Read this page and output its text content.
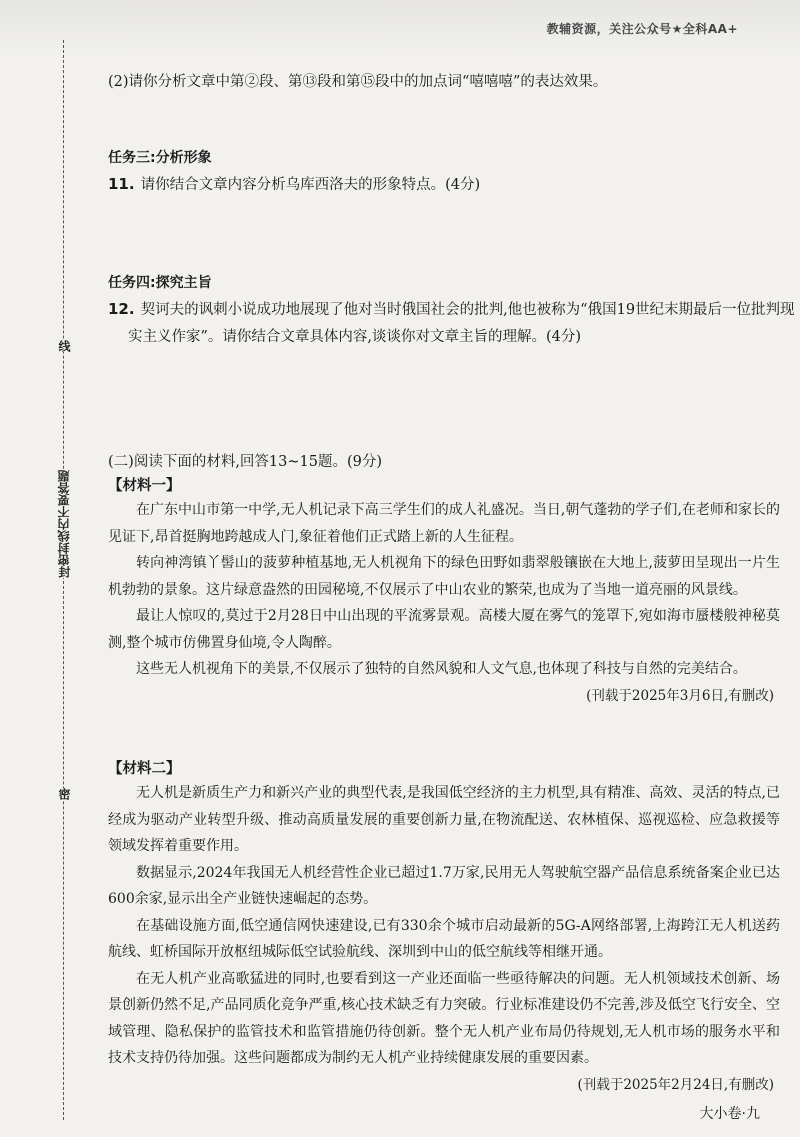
教辅资源，关注公众号★全科AA+
线
密封线内不要答题
封
密
(2)请你分析文章中第②段、第⑬段和第⑮段中的加点词“嘻嘻嘻”的表达效果。
任务三:分析形象
11. 请你结合文章内容分析乌库西洛夫的形象特点。(4分)
任务四:探究主旨
12. 契诃夫的讽刺小说成功地展现了他对当时俄国社会的批判,他也被称为“俄国19世纪末期最后一位批判现实主义作家”。请你结合文章具体内容,谈谈你对文章主旨的理解。(4分)
(二)阅读下面的材料,回答13~15题。(9分)
【材料一】

在广东中山市第一中学,无人机记录下高三学生们的成人礼盛况。当日,朝气蓬勃的学子们,在老师和家长的见证下,昂首挺胸地跨越成人门,象征着他们正式踏上新的人生征程。

转向神湾镇丫髻山的菠萝种植基地,无人机视角下的绿色田野如翡翠般镶嵌在大地上,菠萝田呈现出一片生机勃勃的景象。这片绿意盎然的田园秘境,不仅展示了中山农业的繁荣,也成为了当地一道亮丽的风景线。

最让人惊叹的,莫过于2月28日中山出现的平流雾景观。高楼大厦在雾气的笼罩下,宛如海市蜃楼般神秘莫测,整个城市仿佛置身仙境,令人陶醉。

这些无人机视角下的美景,不仅展示了独特的自然风貌和人文气息,也体现了科技与自然的完美结合。

(刊载于2025年3月6日,有删改)
【材料二】

无人机是新质生产力和新兴产业的典型代表,是我国低空经济的主力机型,具有精准、高效、灵活的特点,已经成为驱动产业转型升级、推动高质量发展的重要创新力量,在物流配送、农林植保、巡视巡检、应急救援等领域发挥着重要作用。

数据显示,2024年我国无人机经营性企业已超过1.7万家,民用无人驾驶航空器产品信息系统备案企业已达600余家,显示出全产业链快速崛起的态势。

在基础设施方面,低空通信网快速建设,已有330余个城市启动最新的5G-A网络部署,上海跨江无人机送药航线、虹桥国际开放枢纽城际低空试验航线、深圳到中山的低空航线等相继开通。

在无人机产业高歌猛进的同时,也要看到这一产业还面临一些亟待解决的问题。无人机领域技术创新、场景创新仍然不足,产品同质化竞争严重,核心技术缺乏有力突破。行业标准建设仍不完善,涉及低空飞行安全、空域管理、隐私保护的监管技术和监管措施仍待创新。整个无人机产业布局仍待规划,无人机市场的服务水平和技术支持仍待加强。这些问题都成为制约无人机产业持续健康发展的重要因素。

(刊载于2025年2月24日,有删改)
大小卷·九
